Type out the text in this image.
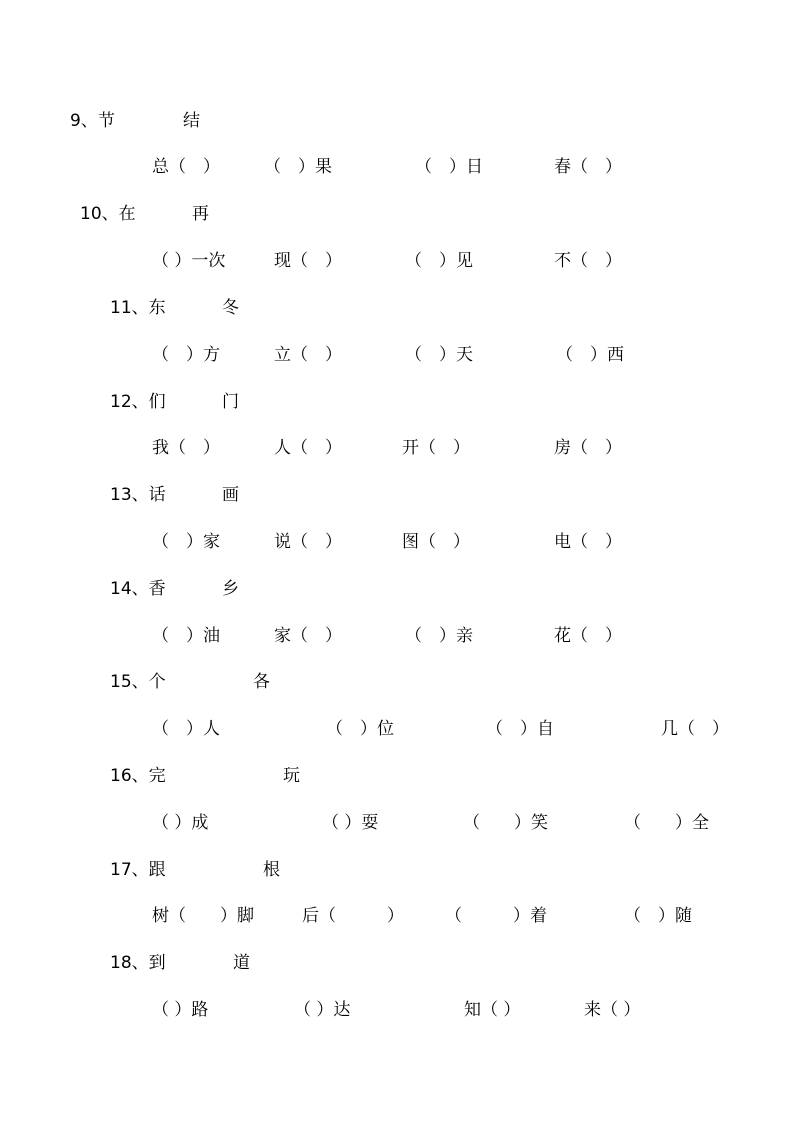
9、节	结
总（　）	（　）果	（　）日	春（　）
10、在	再
（ ）一次	现（　）	（　）见	不（　）
11、东	冬
（　）方	立（　）	（　）天	（　）西
12、们	门
我（　）	人（　）	开（　）	房（　）
13、话	画
（　）家	说（　）	图（　）	电（　）
14、香	乡
（　）油	家（　）	（　）亲	花（　）
15、个	各
（　）人	（　）位	（　）自	几（　）
16、完	玩
（ ）成	（ ）耍	（　　）笑	（　　）全
17、跟	根
树（　　）脚	后（　　　） （　　　）着	（　）随
18、到	道
（ ）路	（ ）达	知（ ）	来（ ）
